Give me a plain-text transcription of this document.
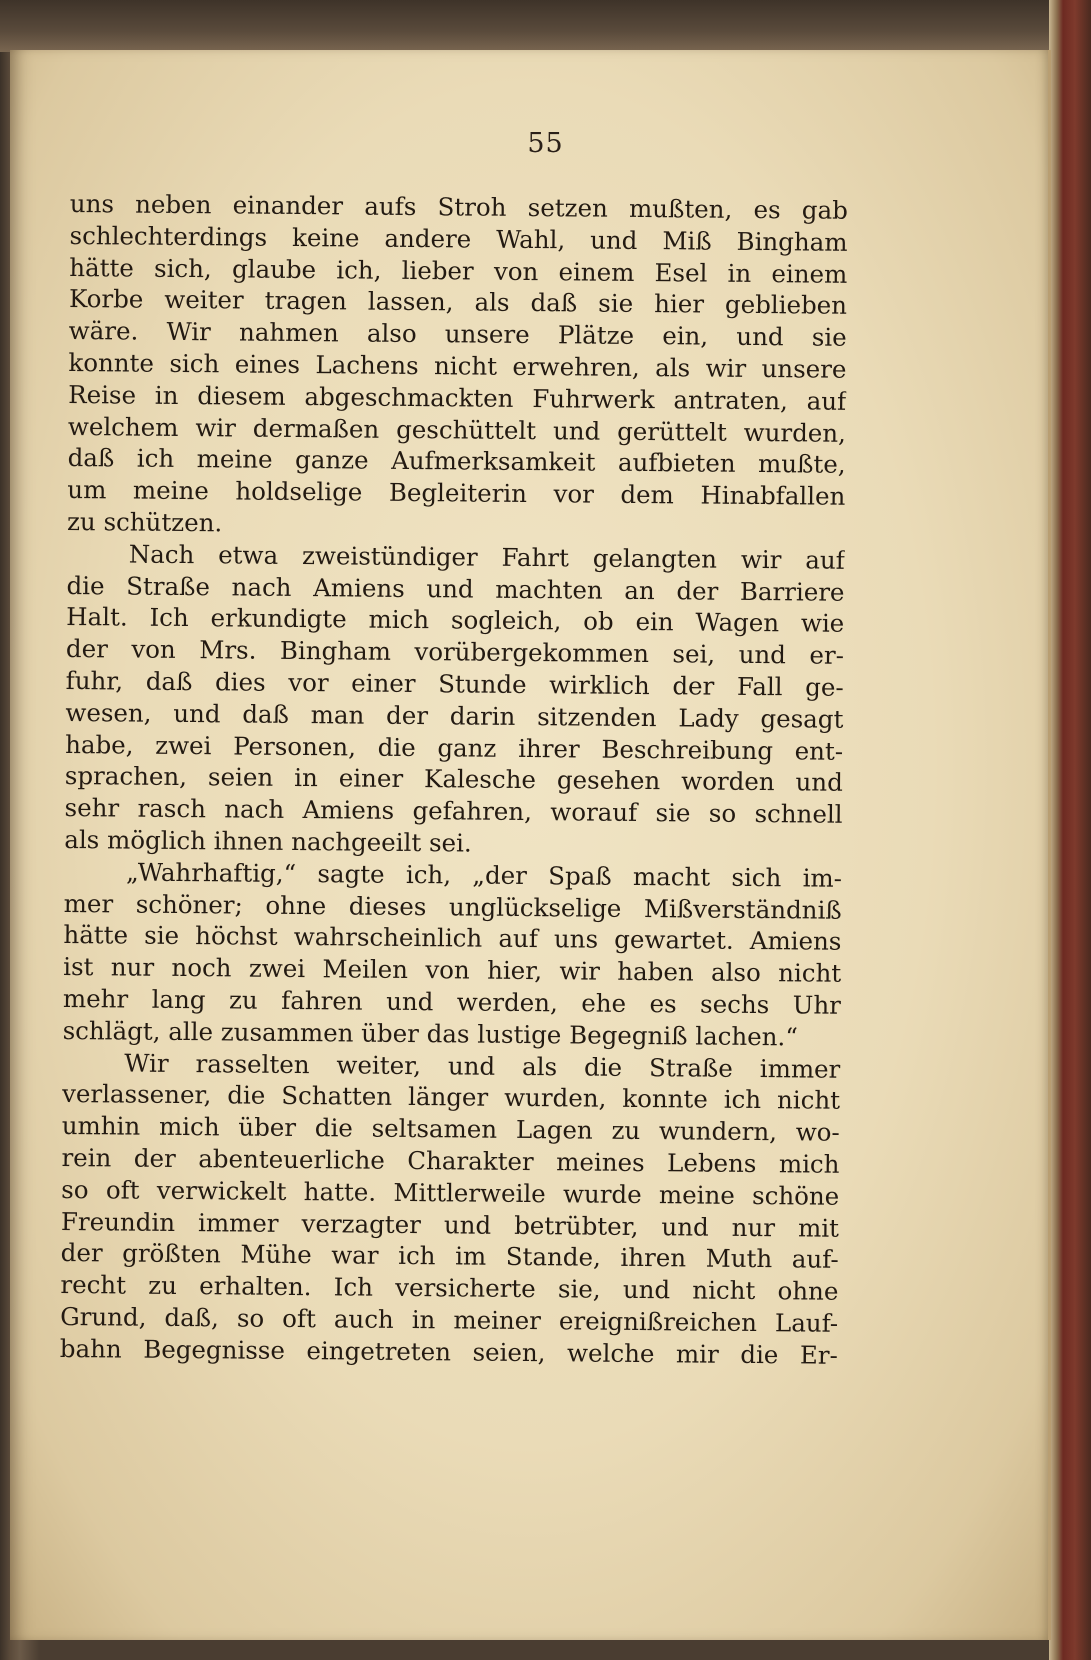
55
uns neben einander aufs Stroh setzen mußten, es gab
schlechterdings keine andere Wahl, und Miß Bingham
hätte sich, glaube ich, lieber von einem Esel in einem
Korbe weiter tragen lassen, als daß sie hier geblieben
wäre. Wir nahmen also unsere Plätze ein, und sie
konnte sich eines Lachens nicht erwehren, als wir unsere
Reise in diesem abgeschmackten Fuhrwerk antraten, auf
welchem wir dermaßen geschüttelt und gerüttelt wurden,
daß ich meine ganze Aufmerksamkeit aufbieten mußte,
um meine holdselige Begleiterin vor dem Hinabfallen
zu schützen.
Nach etwa zweistündiger Fahrt gelangten wir auf
die Straße nach Amiens und machten an der Barriere
Halt. Ich erkundigte mich sogleich, ob ein Wagen wie
der von Mrs. Bingham vorübergekommen sei, und er-
fuhr, daß dies vor einer Stunde wirklich der Fall ge-
wesen, und daß man der darin sitzenden Lady gesagt
habe, zwei Personen, die ganz ihrer Beschreibung ent-
sprachen, seien in einer Kalesche gesehen worden und
sehr rasch nach Amiens gefahren, worauf sie so schnell
als möglich ihnen nachgeeilt sei.
„Wahrhaftig,“ sagte ich, „der Spaß macht sich im-
mer schöner; ohne dieses unglückselige Mißverständniß
hätte sie höchst wahrscheinlich auf uns gewartet. Amiens
ist nur noch zwei Meilen von hier, wir haben also nicht
mehr lang zu fahren und werden, ehe es sechs Uhr
schlägt, alle zusammen über das lustige Begegniß lachen.“
Wir rasselten weiter, und als die Straße immer
verlassener, die Schatten länger wurden, konnte ich nicht
umhin mich über die seltsamen Lagen zu wundern, wo-
rein der abenteuerliche Charakter meines Lebens mich
so oft verwickelt hatte. Mittlerweile wurde meine schöne
Freundin immer verzagter und betrübter, und nur mit
der größten Mühe war ich im Stande, ihren Muth auf-
recht zu erhalten. Ich versicherte sie, und nicht ohne
Grund, daß, so oft auch in meiner ereignißreichen Lauf-
bahn Begegnisse eingetreten seien, welche mir die Er-
